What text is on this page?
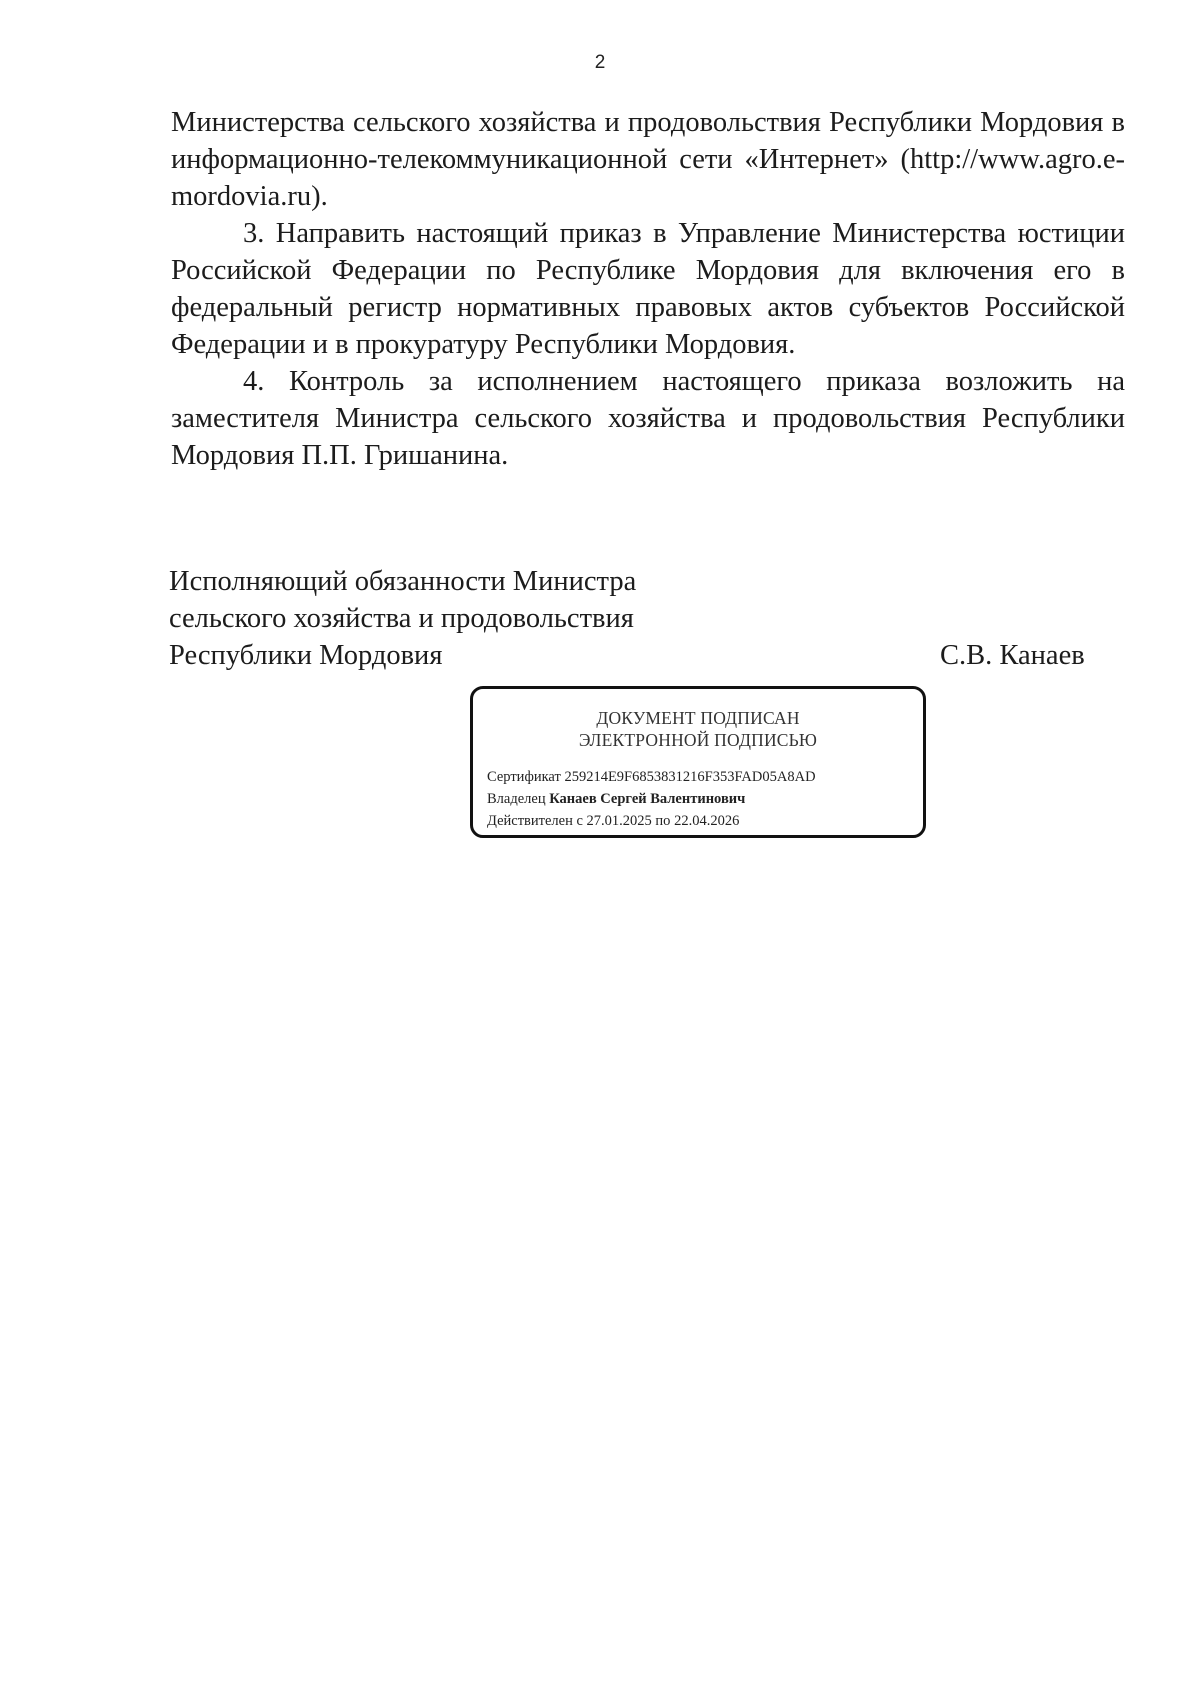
2

Министерства сельского хозяйства и продовольствия Республики Мордовия в информационно-телекоммуникационной сети «Интернет» (http://www.agro.e-mordovia.ru).

3. Направить настоящий приказ в Управление Министерства юстиции Российской Федерации по Республике Мордовия для включения его в федеральный регистр нормативных правовых актов субъектов Российской Федерации и в прокуратуру Республики Мордовия.

4. Контроль за исполнением настоящего приказа возложить на заместителя Министра сельского хозяйства и продовольствия Республики Мордовия П.П. Гришанина.

Исполняющий обязанности Министра
сельского хозяйства и продовольствия
Республики Мордовия	С.В. Канаев
ДОКУМЕНТ ПОДПИСАН
ЭЛЕКТРОННОЙ ПОДПИСЬЮ
Сертификат 259214E9F6853831216F353FAD05A8AD
Владелец Канаев Сергей Валентинович
Действителен с 27.01.2025 по 22.04.2026
